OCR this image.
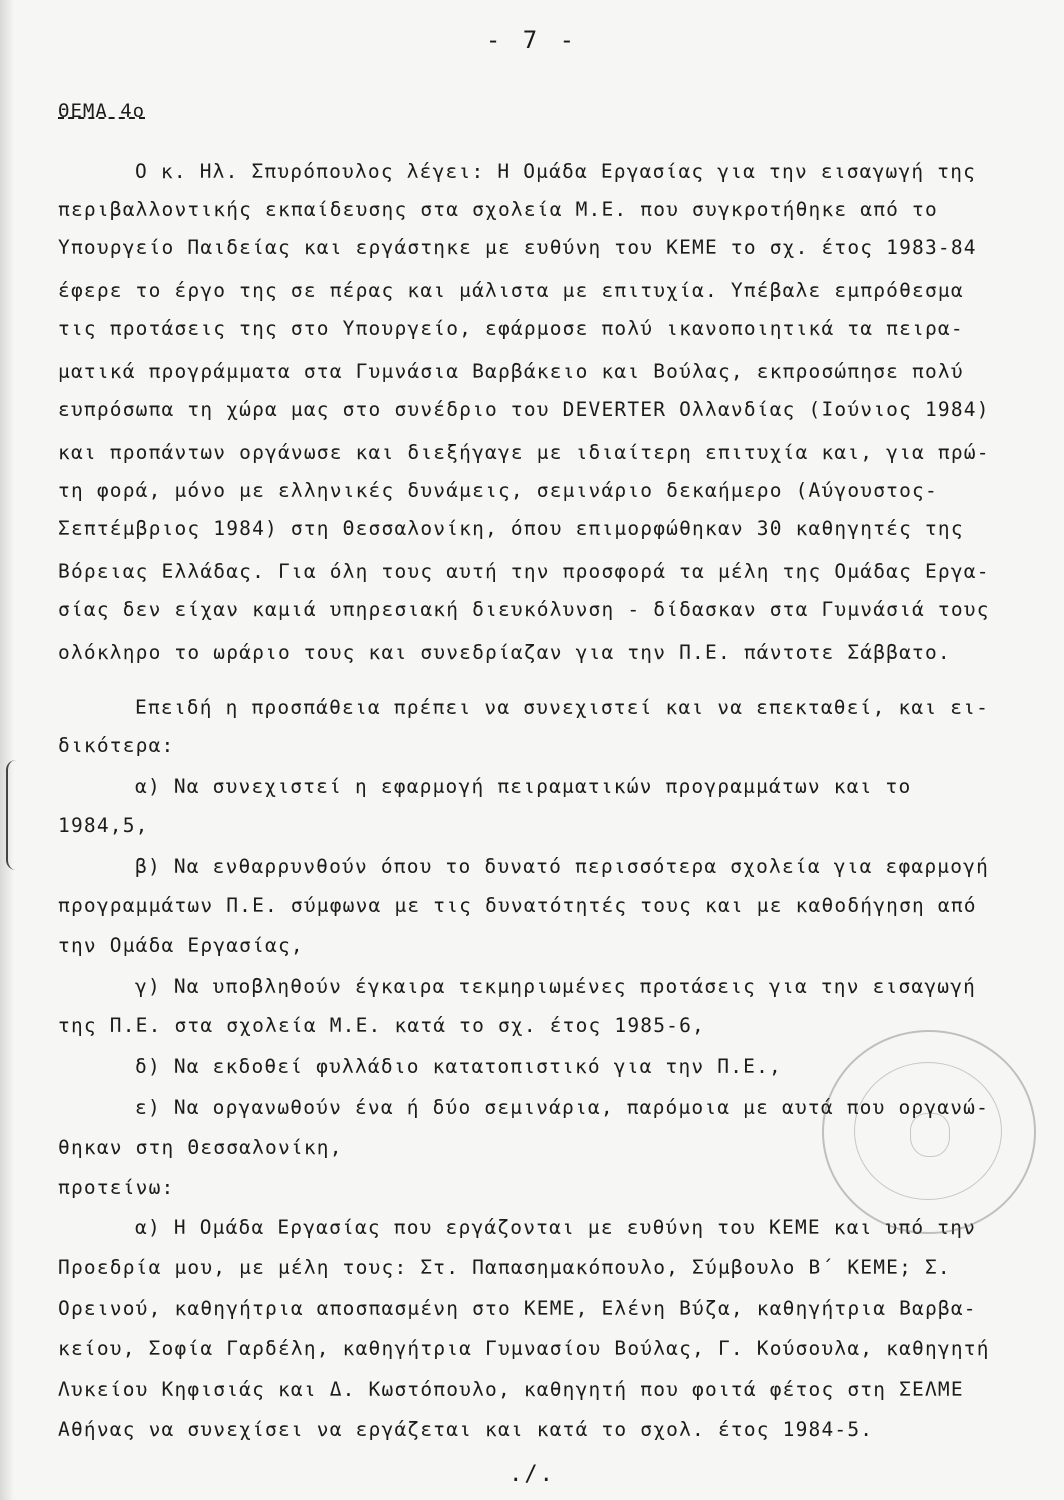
- 7 -
ΘΕΜΑ 4ο
Ο κ. Ηλ. Σπυρόπουλος λέγει: Η Ομάδα Εργασίας για την εισαγωγή της
περιβαλλοντικής εκπαίδευσης στα σχολεία Μ.Ε. που συγκροτήθηκε από το
Υπουργείο Παιδείας και εργάστηκε με ευθύνη του ΚΕΜΕ το σχ. έτος 1983-84
έφερε το έργο της σε πέρας και μάλιστα με επιτυχία. Υπέβαλε εμπρόθεσμα
τις προτάσεις της στο Υπουργείο, εφάρμοσε πολύ ικανοποιητικά τα πειρα-
ματικά προγράμματα στα Γυμνάσια Βαρβάκειο και Βούλας, εκπροσώπησε πολύ
ευπρόσωπα τη χώρα μας στο συνέδριο του DEVERTER Ολλανδίας (Ιούνιος 1984)
και προπάντων οργάνωσε και διεξήγαγε με ιδιαίτερη επιτυχία και, για πρώ-
τη φορά, μόνο με ελληνικές δυνάμεις, σεμινάριο δεκαήμερο (Αύγουστος-
Σεπτέμβριος 1984) στη Θεσσαλονίκη, όπου επιμορφώθηκαν 30 καθηγητές της
Βόρειας Ελλάδας. Για όλη τους αυτή την προσφορά τα μέλη της Ομάδας Εργα-
σίας δεν είχαν καμιά υπηρεσιακή διευκόλυνση - δίδασκαν στα Γυμνάσιά τους
ολόκληρο το ωράριο τους και συνεδρίαζαν για την Π.Ε. πάντοτε Σάββατο.
Επειδή η προσπάθεια πρέπει να συνεχιστεί και να επεκταθεί, και ει-
δικότερα:
α) Να συνεχιστεί η εφαρμογή πειραματικών προγραμμάτων και το
1984,5,
β) Να ενθαρρυνθούν όπου το δυνατό περισσότερα σχολεία για εφαρμογή
προγραμμάτων Π.Ε. σύμφωνα με τις δυνατότητές τους και με καθοδήγηση από
την Ομάδα Εργασίας,
γ) Να υποβληθούν έγκαιρα τεκμηριωμένες προτάσεις για την εισαγωγή
της Π.Ε. στα σχολεία Μ.Ε. κατά το σχ. έτος 1985-6,
δ) Να εκδοθεί φυλλάδιο κατατοπιστικό για την Π.Ε.,
ε) Να οργανωθούν ένα ή δύο σεμινάρια, παρόμοια με αυτά που οργανώ-
θηκαν στη Θεσσαλονίκη,
προτείνω:
α) Η Ομάδα Εργασίας που εργάζονται με ευθύνη του ΚΕΜΕ και υπό την
Προεδρία μου, με μέλη τους: Στ. Παπασημακόπουλο, Σύμβουλο Β΄ ΚΕΜΕ; Σ.
Ορεινού, καθηγήτρια αποσπασμένη στο ΚΕΜΕ, Ελένη Βύζα, καθηγήτρια Βαρβα-
κείου, Σοφία Γαρδέλη, καθηγήτρια Γυμνασίου Βούλας, Γ. Κούσουλα, καθηγητή
Λυκείου Κηφισιάς και Δ. Κωστόπουλο, καθηγητή που φοιτά φέτος στη ΣΕΛΜΕ
Αθήνας να συνεχίσει να εργάζεται και κατά το σχολ. έτος 1984-5.
./.
